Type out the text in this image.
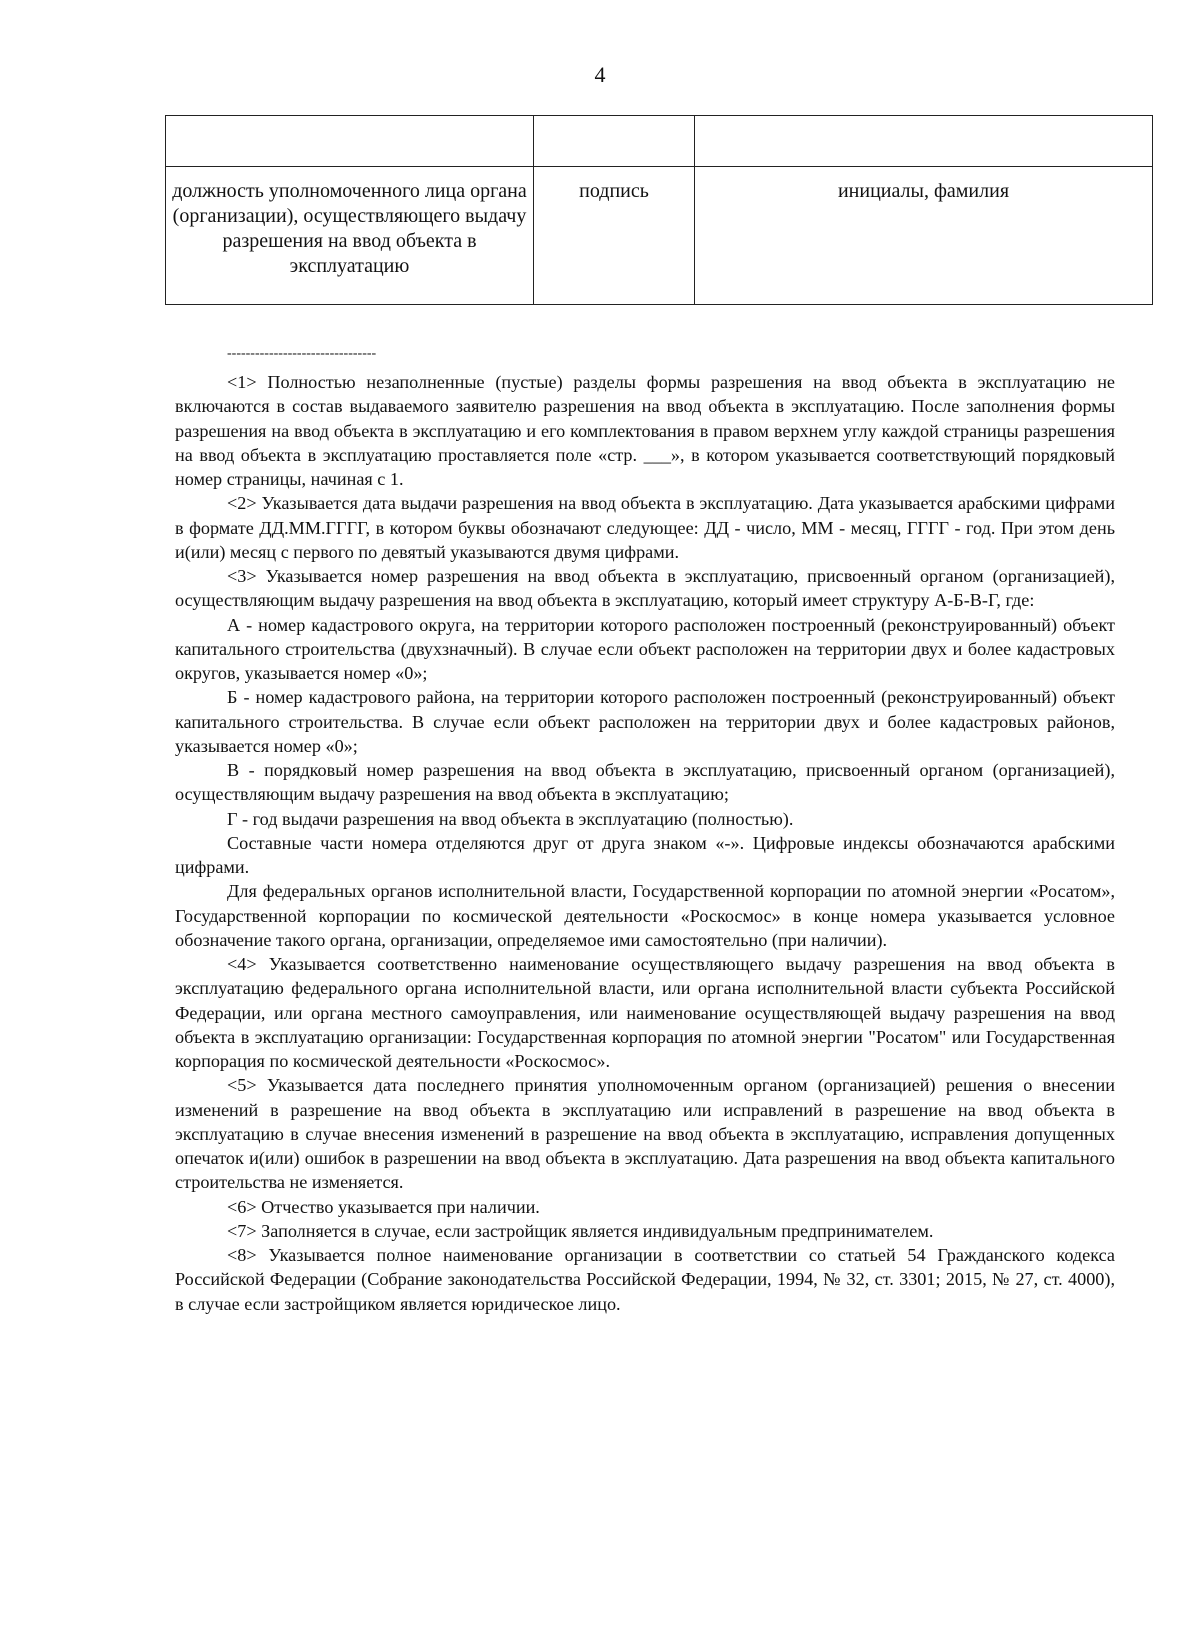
4

должность уполномоченного лица органа (организации), осуществляющего выдачу разрешения на ввод объекта в эксплуатацию	подпись	инициалы, фамилия
--------------------------------

<1> Полностью незаполненные (пустые) разделы формы разрешения на ввод объекта в эксплуатацию не включаются в состав выдаваемого заявителю разрешения на ввод объекта в эксплуатацию. После заполнения формы разрешения на ввод объекта в эксплуатацию и его комплектования в правом верхнем углу каждой страницы разрешения на ввод объекта в эксплуатацию проставляется поле «стр. ___», в котором указывается соответствующий порядковый номер страницы, начиная с 1.

<2> Указывается дата выдачи разрешения на ввод объекта в эксплуатацию. Дата указывается арабскими цифрами в формате ДД.ММ.ГГГГ, в котором буквы обозначают следующее: ДД - число, ММ - месяц, ГГГГ - год. При этом день и(или) месяц с первого по девятый указываются двумя цифрами.

<3> Указывается номер разрешения на ввод объекта в эксплуатацию, присвоенный органом (организацией), осуществляющим выдачу разрешения на ввод объекта в эксплуатацию, который имеет структуру А-Б-В-Г, где:

А - номер кадастрового округа, на территории которого расположен построенный (реконструированный) объект капитального строительства (двухзначный). В случае если объект расположен на территории двух и более кадастровых округов, указывается номер «0»;

Б - номер кадастрового района, на территории которого расположен построенный (реконструированный) объект капитального строительства. В случае если объект расположен на территории двух и более кадастровых районов, указывается номер «0»;

В - порядковый номер разрешения на ввод объекта в эксплуатацию, присвоенный органом (организацией), осуществляющим выдачу разрешения на ввод объекта в эксплуатацию;

Г - год выдачи разрешения на ввод объекта в эксплуатацию (полностью).

Составные части номера отделяются друг от друга знаком «-». Цифровые индексы обозначаются арабскими цифрами.

Для федеральных органов исполнительной власти, Государственной корпорации по атомной энергии «Росатом», Государственной корпорации по космической деятельности «Роскосмос» в конце номера указывается условное обозначение такого органа, организации, определяемое ими самостоятельно (при наличии).

<4> Указывается соответственно наименование осуществляющего выдачу разрешения на ввод объекта в эксплуатацию федерального органа исполнительной власти, или органа исполнительной власти субъекта Российской Федерации, или органа местного самоуправления, или наименование осуществляющей выдачу разрешения на ввод объекта в эксплуатацию организации: Государственная корпорация по атомной энергии "Росатом" или Государственная корпорация по космической деятельности «Роскосмос».

<5> Указывается дата последнего принятия уполномоченным органом (организацией) решения о внесении изменений в разрешение на ввод объекта в эксплуатацию или исправлений в разрешение на ввод объекта в эксплуатацию в случае внесения изменений в разрешение на ввод объекта в эксплуатацию, исправления допущенных опечаток и(или) ошибок в разрешении на ввод объекта в эксплуатацию. Дата разрешения на ввод объекта капитального строительства не изменяется.

<6> Отчество указывается при наличии.

<7> Заполняется в случае, если застройщик является индивидуальным предпринимателем.

<8> Указывается полное наименование организации в соответствии со статьей 54 Гражданского кодекса Российской Федерации (Собрание законодательства Российской Федерации, 1994, № 32, ст. 3301; 2015, № 27, ст. 4000), в случае если застройщиком является юридическое лицо.
